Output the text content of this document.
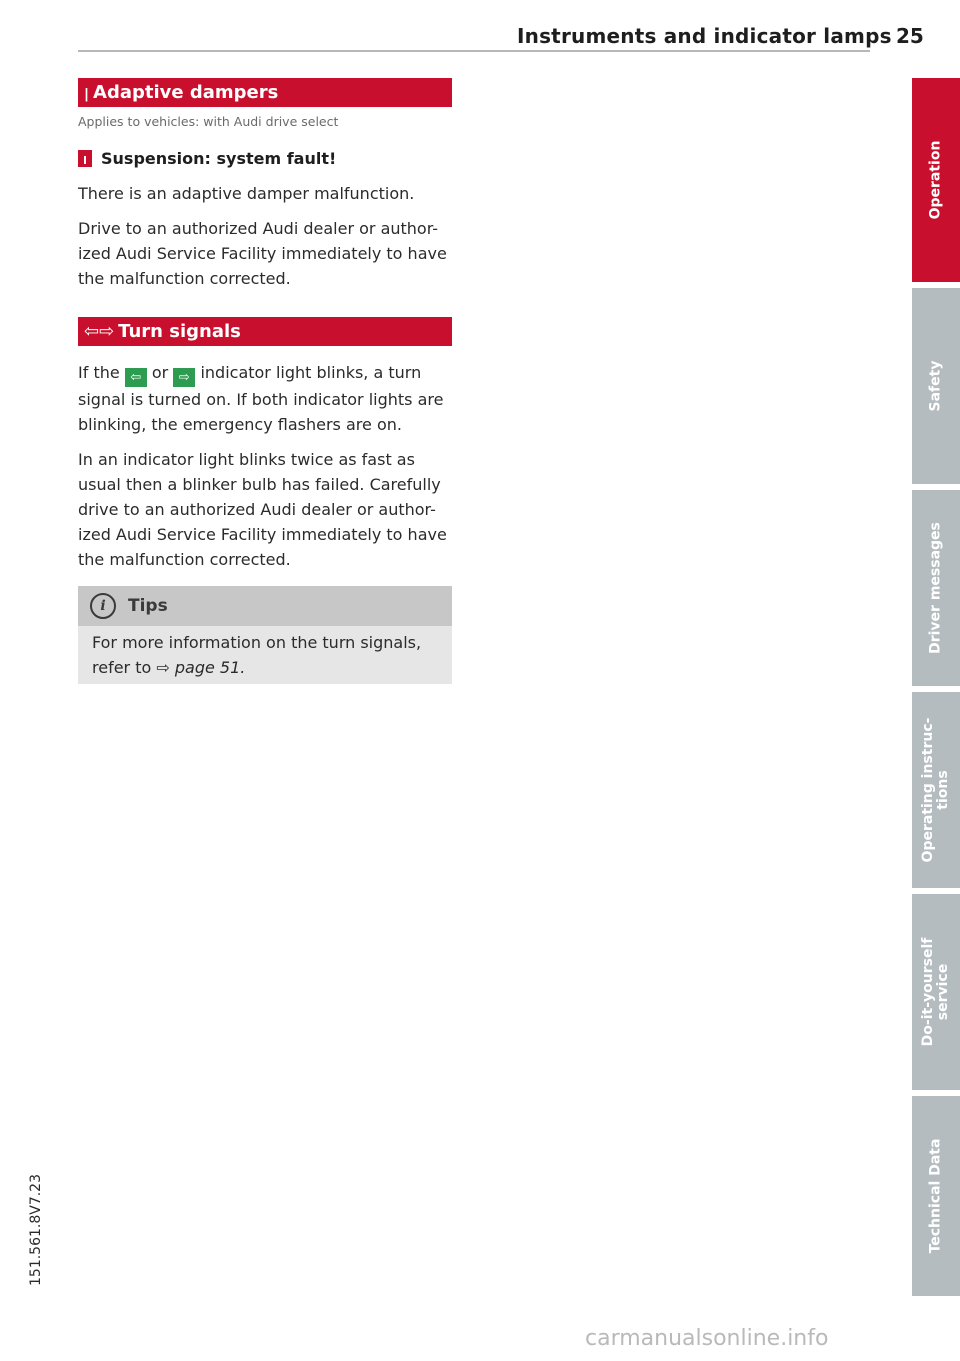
Instruments and indicator lamps 25
ꞁ Adaptive dampers
Applies to vehicles: with Audi drive select
ꞁ Suspension: system fault!
There is an adaptive damper malfunction.
Drive to an authorized Audi dealer or author-ized Audi Service Facility immediately to have the malfunction corrected.
⇦⇨ Turn signals
If the ⇦ or ⇨ indicator light blinks, a turn signal is turned on. If both indicator lights are blinking, the emergency flashers are on.
In an indicator light blinks twice as fast as usual then a blinker bulb has failed. Carefully drive to an authorized Audi dealer or author-ized Audi Service Facility immediately to have the malfunction corrected.
i	Tips
For more information on the turn signals, refer to ⇨ page 51.
Operation
Safety
Driver messages
Operating instruc- tions
Do-it-yourself service
Technical Data
151.561.8V7.23
carmanualsonline.info
